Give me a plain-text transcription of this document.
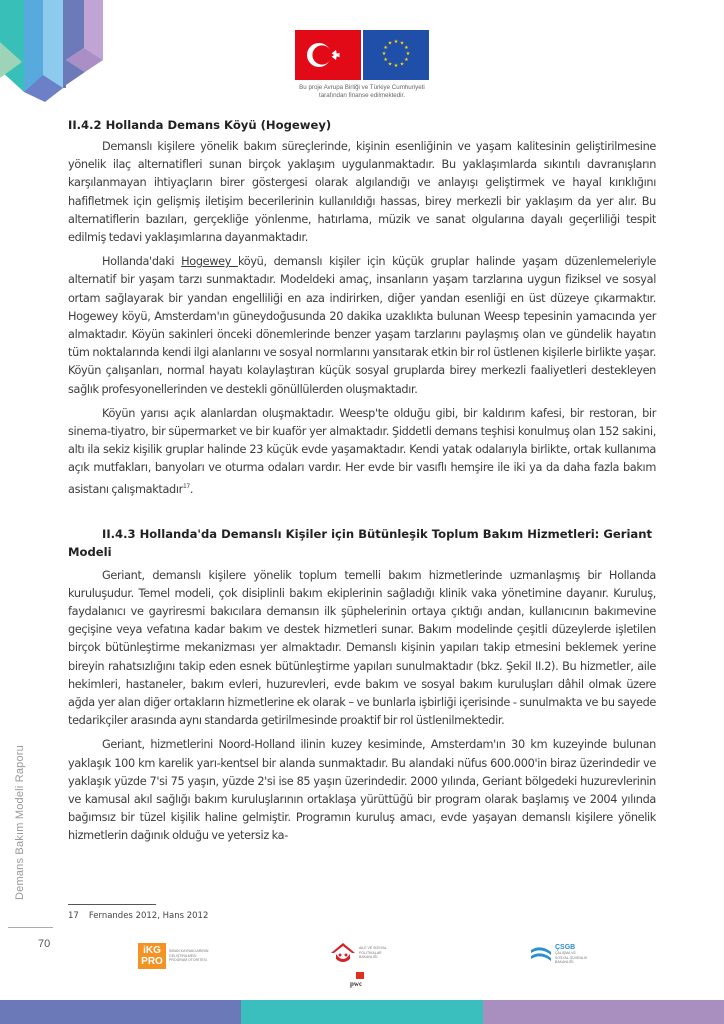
★ ★
★
★
★
★
★
★
★
★
★
★
Bu proje Avrupa Birliği ve Türkiye Cumhuriyeti
tarafından finanse edilmektedir.
II.4.2 Hollanda Demans Köyü (Hogewey)

Demanslı kişilere yönelik bakım süreçlerinde, kişinin esenliğinin ve yaşam kalitesinin geliştirilmesine yönelik ilaç alternatifleri sunan birçok yaklaşım uygulanmaktadır. Bu yaklaşımlarda sıkıntılı davranışların karşılanmayan ihtiyaçların birer göstergesi olarak algılandığı ve anlayışı geliştirmek ve hayal kırıklığını hafifletmek için gelişmiş iletişim becerilerinin kullanıldığı hassas, birey merkezli bir yaklaşım da yer alır. Bu alternatiflerin bazıları, gerçekliğe yönlenme, hatırlama, müzik ve sanat olgularına dayalı geçerliliği tespit edilmiş tedavi yaklaşımlarına dayanmaktadır.

Hollanda'daki Hogewey köyü, demanslı kişiler için küçük gruplar halinde yaşam düzenlemeleriyle alternatif bir yaşam tarzı sunmaktadır. Modeldeki amaç, insanların yaşam tarzlarına uygun fiziksel ve sosyal ortam sağlayarak bir yandan engelliliği en aza indirirken, diğer yandan esenliği en üst düzeye çıkarmaktır. Hogewey köyü, Amsterdam'ın güneydoğusunda 20 dakika uzaklıkta bulunan Weesp tepesinin yamacında yer almaktadır. Köyün sakinleri önceki dönemlerinde benzer yaşam tarzlarını paylaşmış olan ve gündelik hayatın tüm noktalarında kendi ilgi alanlarını ve sosyal normlarını yansıtarak etkin bir rol üstlenen kişilerle birlikte yaşar. Köyün çalışanları, normal hayatı kolaylaştıran küçük sosyal gruplarda birey merkezli faaliyetleri destekleyen sağlık profesyonellerinden ve destekli gönüllülerden oluşmaktadır.

Köyün yarısı açık alanlardan oluşmaktadır. Weesp'te olduğu gibi, bir kaldırım kafesi, bir restoran, bir sinema-tiyatro, bir süpermarket ve bir kuaför yer almaktadır. Şiddetli demans teşhisi konulmuş olan 152 sakini, altı ila sekiz kişilik gruplar halinde 23 küçük evde yaşamaktadır. Kendi yatak odalarıyla birlikte, ortak kullanıma açık mutfakları, banyoları ve oturma odaları vardır. Her evde bir vasıflı hemşire ile iki ya da daha fazla bakım asistanı çalışmaktadır$^{17}$.

II.4.3 Hollanda'da Demanslı Kişiler için Bütünleşik Toplum Bakım Hizmetleri: Geriant Modeli

Geriant, demanslı kişilere yönelik toplum temelli bakım hizmetlerinde uzmanlaşmış bir Hollanda kuruluşudur. Temel modeli, çok disiplinli bakım ekiplerinin sağladığı klinik vaka yönetimine dayanır. Kuruluş, faydalanıcı ve gayriresmi bakıcılara demansın ilk şüphelerinin ortaya çıktığı andan, kullanıcının bakımevine geçişine veya vefatına kadar bakım ve destek hizmetleri sunar. Bakım modelinde çeşitli düzeylerde işletilen birçok bütünleştirme mekanizması yer almaktadır. Demanslı kişinin yapıları takip etmesini beklemek yerine bireyin rahatsızlığını takip eden esnek bütünleştirme yapıları sunulmaktadır (bkz. Şekil II.2). Bu hizmetler, aile hekimleri, hastaneler, bakım evleri, huzurevleri, evde bakım ve sosyal bakım kuruluşları dâhil olmak üzere ağda yer alan diğer ortakların hizmetlerine ek olarak – ve bunlarla işbirliği içerisinde - sunulmakta ve bu sayede tedarikçiler arasında aynı standarda getirilmesinde proaktif bir rol üstlenilmektedir.

Geriant, hizmetlerini Noord-Holland ilinin kuzey kesiminde, Amsterdam'ın 30 km kuzeyinde bulunan yaklaşık 100 km karelik yarı-kentsel bir alanda sunmaktadır. Bu alandaki nüfus 600.000'in biraz üzerindedir ve yaklaşık yüzde 7'si 75 yaşın, yüzde 2'si ise 85 yaşın üzerindedir. 2000 yılında, Geriant bölgedeki huzurevlerinin ve kamusal akıl sağlığı bakım kuruluşlarının ortaklaşa yürüttüğü bir program olarak başlamış ve 2004 yılında bağımsız bir tüzel kişilik haline gelmiştir. Programın kuruluş amacı, evde yaşayan demanslı kişilere yönelik hizmetlerin dağınık olduğu ve yetersiz ka-

17 Fernandes 2012, Hans 2012
Demans Bakım Modeli Raporu
70
iKG
PRO
İNSAN KAYNAKLARININ GELIŞTIRILMESI PROGRAM OTORITESI
AILE VE SOSYAL POLITIKALAR BAKANLIĞI
pwc
ÇSGB
ÇALIŞMA VE SOSYAL GÜVENLIK BAKANLIĞI
